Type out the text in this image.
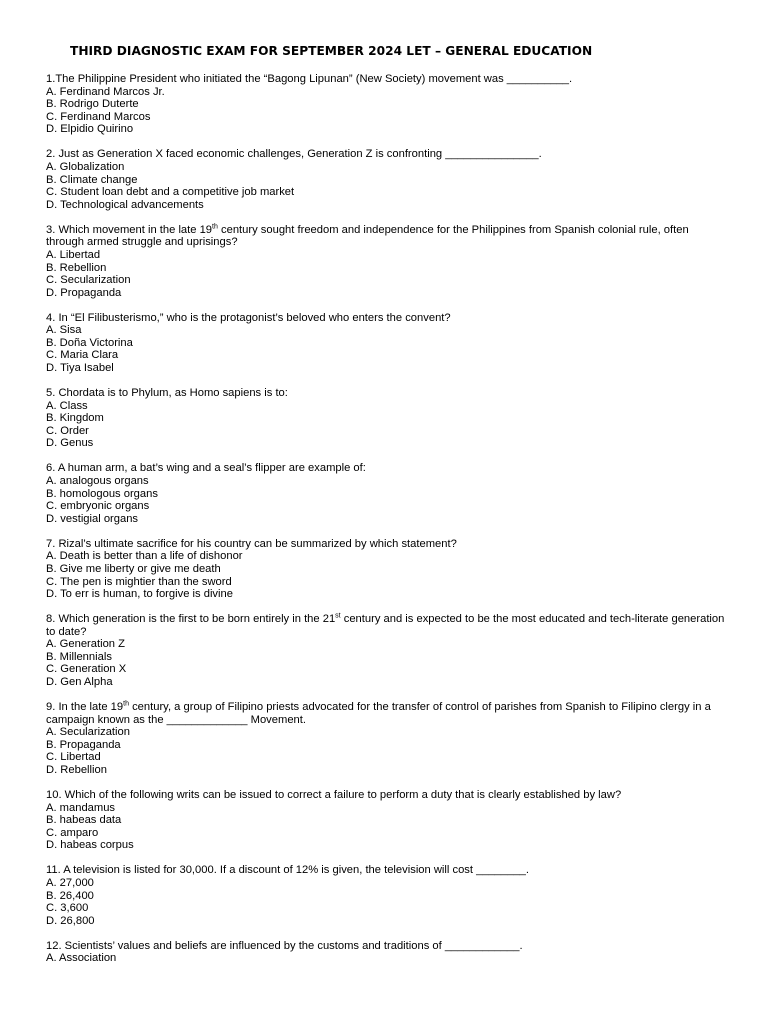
THIRD DIAGNOSTIC EXAM FOR SEPTEMBER 2024 LET – GENERAL EDUCATION
1.The Philippine President who initiated the “Bagong Lipunan” (New Society) movement was __________.
A. Ferdinand Marcos Jr.
B. Rodrigo Duterte
C. Ferdinand Marcos
D. Elpidio Quirino
2. Just as Generation X faced economic challenges, Generation Z is confronting _______________.
A. Globalization
B. Climate change
C. Student loan debt and a competitive job market
D. Technological advancements
3. Which movement in the late 19th century sought freedom and independence for the Philippines from Spanish colonial rule, often through armed struggle and uprisings?
A. Libertad
B. Rebellion
C. Secularization
D. Propaganda
4. In “El Filibusterismo,” who is the protagonist’s beloved who enters the convent?
A. Sisa
B. Doña Victorina
C. Maria Clara
D. Tiya Isabel
5. Chordata is to Phylum, as Homo sapiens is to:
A. Class
B. Kingdom
C. Order
D. Genus
6. A human arm, a bat’s wing and a seal’s flipper are example of:
A. analogous organs
B. homologous organs
C. embryonic organs
D. vestigial organs
7. Rizal’s ultimate sacrifice for his country can be summarized by which statement?
A. Death is better than a life of dishonor
B. Give me liberty or give me death
C. The pen is mightier than the sword
D. To err is human, to forgive is divine
8. Which generation is the first to be born entirely in the 21st century and is expected to be the most educated and tech-literate generation to date?
A. Generation Z
B. Millennials
C. Generation X
D. Gen Alpha
9. In the late 19th century, a group of Filipino priests advocated for the transfer of control of parishes from Spanish to Filipino clergy in a campaign known as the _____________ Movement.
A. Secularization
B. Propaganda
C. Libertad
D. Rebellion
10. Which of the following writs can be issued to correct a failure to perform a duty that is clearly established by law?
A. mandamus
B. habeas data
C. amparo
D. habeas corpus
11. A television is listed for 30,000. If a discount of 12% is given, the television will cost ________.
A. 27,000
B. 26,400
C. 3,600
D. 26,800
12. Scientists’ values and beliefs are influenced by the customs and traditions of ____________.
A. Association
